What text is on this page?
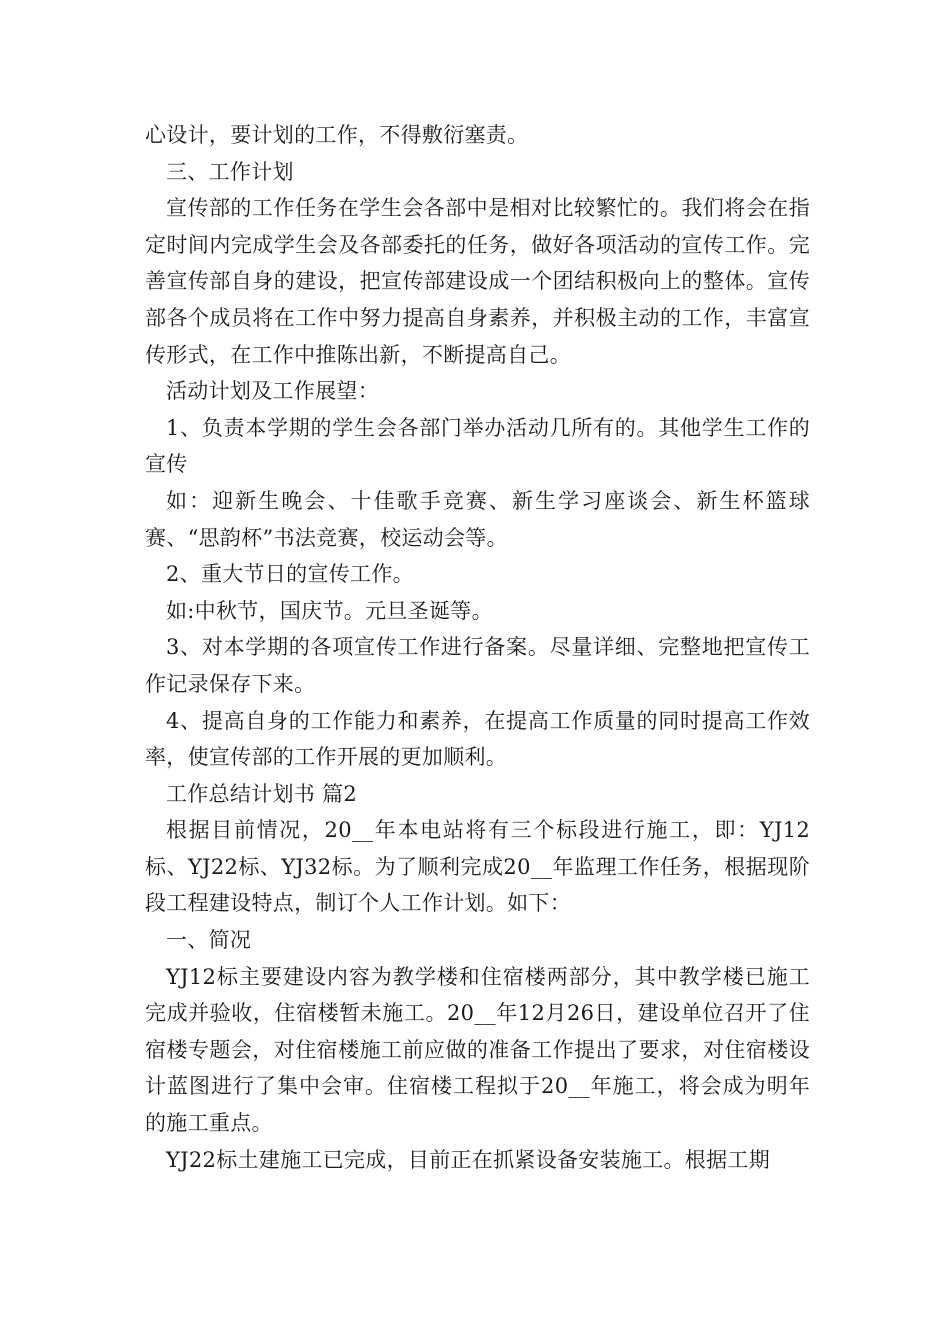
心设计，要计划的工作，不得敷衍塞责。

三、工作计划

宣传部的工作任务在学生会各部中是相对比较繁忙的。我们将会在指定时间内完成学生会及各部委托的任务，做好各项活动的宣传工作。完善宣传部自身的建设，把宣传部建设成一个团结积极向上的整体。宣传部各个成员将在工作中努力提高自身素养，并积极主动的工作，丰富宣传形式，在工作中推陈出新，不断提高自己。

活动计划及工作展望：

1、负责本学期的学生会各部门举办活动几所有的。其他学生工作的宣传

如：迎新生晚会、十佳歌手竞赛、新生学习座谈会、新生杯篮球赛、“思韵杯”书法竞赛，校运动会等。

2、重大节日的宣传工作。

如:中秋节，国庆节。元旦圣诞等。

3、对本学期的各项宣传工作进行备案。尽量详细、完整地把宣传工作记录保存下来。

4、提高自身的工作能力和素养，在提高工作质量的同时提高工作效率，使宣传部的工作开展的更加顺利。

工作总结计划书 篇2

根据目前情况，20__年本电站将有三个标段进行施工，即：YJ12标、YJ22标、YJ32标。为了顺利完成20__年监理工作任务，根据现阶段工程建设特点，制订个人工作计划。如下：

一、简况

YJ12标主要建设内容为教学楼和住宿楼两部分，其中教学楼已施工完成并验收，住宿楼暂未施工。20__年12月26日，建设单位召开了住宿楼专题会，对住宿楼施工前应做的准备工作提出了要求，对住宿楼设计蓝图进行了集中会审。住宿楼工程拟于20__年施工，将会成为明年的施工重点。

YJ22标土建施工已完成，目前正在抓紧设备安装施工。根据工期
